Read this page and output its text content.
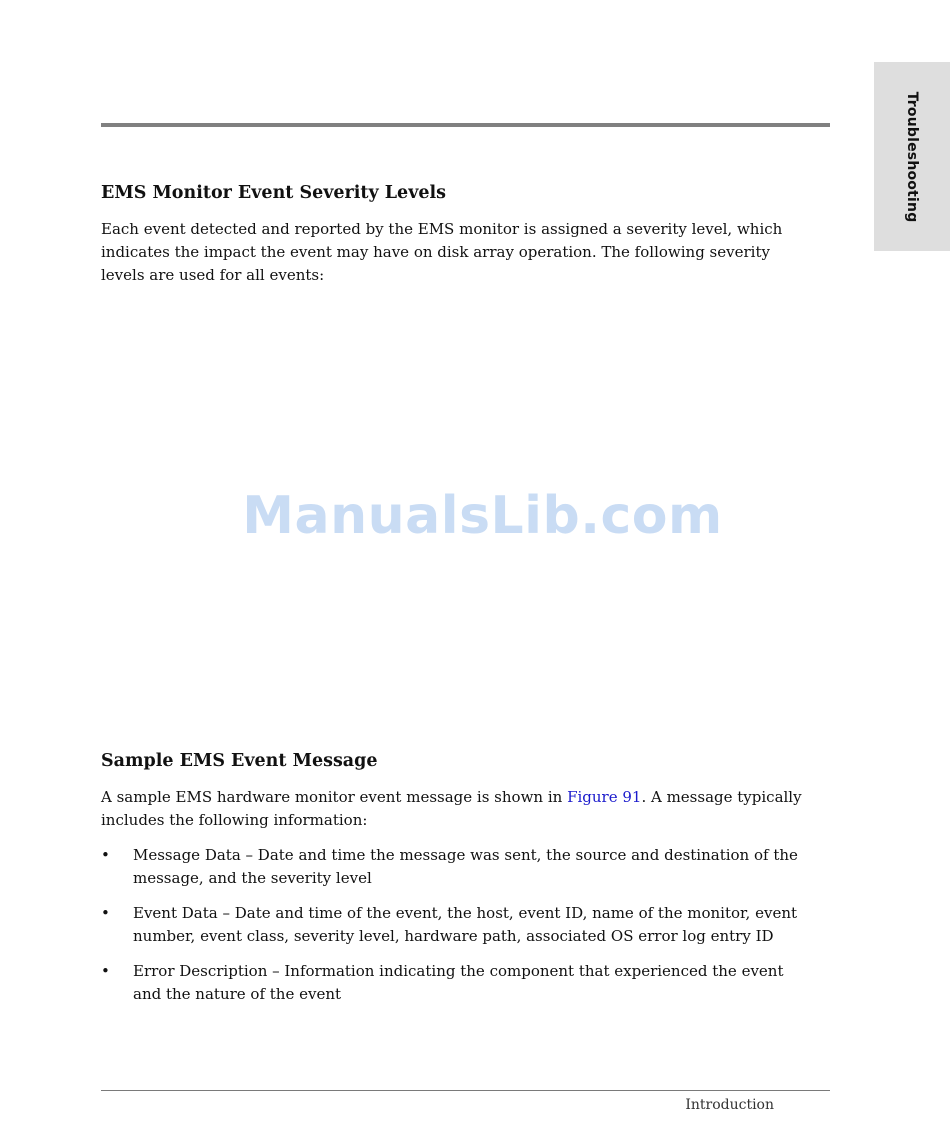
Troubleshooting
EMS Monitor Event Severity Levels

Each event detected and reported by the EMS monitor is assigned a severity level, which indicates the impact the event may have on disk array operation. The following severity levels are used for all events:

ManualsLib.com
Sample EMS Event Message

A sample EMS hardware monitor event message is shown in Figure 91. A message typically includes the following information:

• Message Data – Date and time the message was sent, the source and destination of the message, and the severity level
• Event Data – Date and time of the event, the host, event ID, name of the monitor, event number, event class, severity level, hardware path, associated OS error log entry ID
• Error Description – Information indicating the component that experienced the event and the nature of the event
Introduction
